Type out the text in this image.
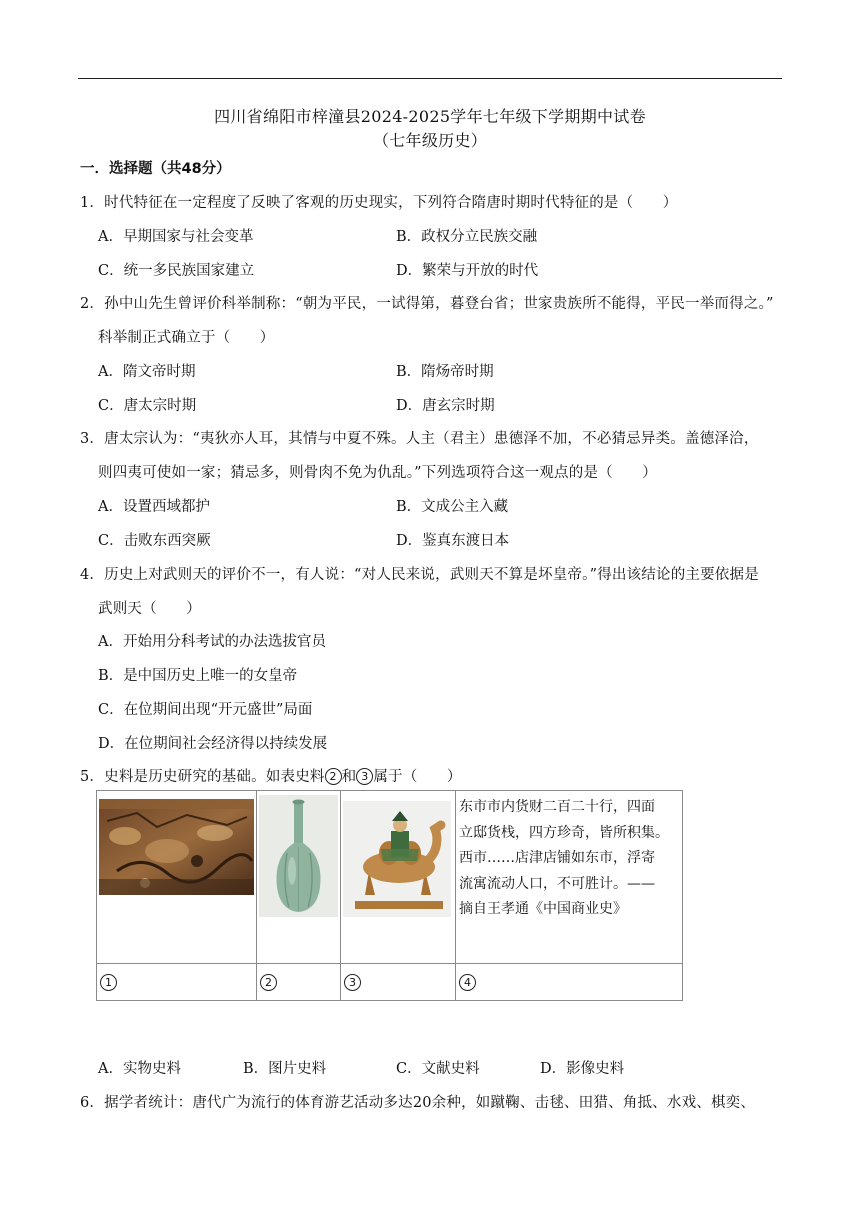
四川省绵阳市梓潼县2024-2025学年七年级下学期期中试卷
（七年级历史）
一．选择题（共48分）
1．时代特征在一定程度了反映了客观的历史现实，下列符合隋唐时期时代特征的是（　　）
A．早期国家与社会变革	B．政权分立民族交融
C．统一多民族国家建立	D．繁荣与开放的时代
2．孙中山先生曾评价科举制称：“朝为平民，一试得第，暮登台省；世家贵族所不能得，平民一举而得之。”
科举制正式确立于（　　）
A．隋文帝时期	B．隋炀帝时期
C．唐太宗时期	D．唐玄宗时期
3．唐太宗认为：“夷狄亦人耳，其情与中夏不殊。人主（君主）患德泽不加，不必猜忌异类。盖德泽洽，
则四夷可使如一家；猜忌多，则骨肉不免为仇乱。”下列选项符合这一观点的是（　　）
A．设置西域都护	B．文成公主入藏
C．击败东西突厥	D．鉴真东渡日本
4．历史上对武则天的评价不一，有人说：“对人民来说，武则天不算是坏皇帝。”得出该结论的主要依据是
武则天（　　）
A．开始用分科考试的办法选拔官员
B．是中国历史上唯一的女皇帝
C．在位期间出现“开元盛世”局面
D．在位期间社会经济得以持续发展
5．史料是历史研究的基础。如表史料 2 和 3 属于（　　）

东市市内货财二百二十行，四面
立邸货栈，四方珍奇，皆所积集。
西市……店津店铺如东市，浮寄
流寓流动人口，不可胜计。——
摘自王孝通《中国商业史》

1	2	3	4
A．实物史料	B．图片史料	C．文献史料	D．影像史料
6．据学者统计：唐代广为流行的体育游艺活动多达20余种，如蹴鞠、击毬、田猎、角抵、水戏、棋奕、
